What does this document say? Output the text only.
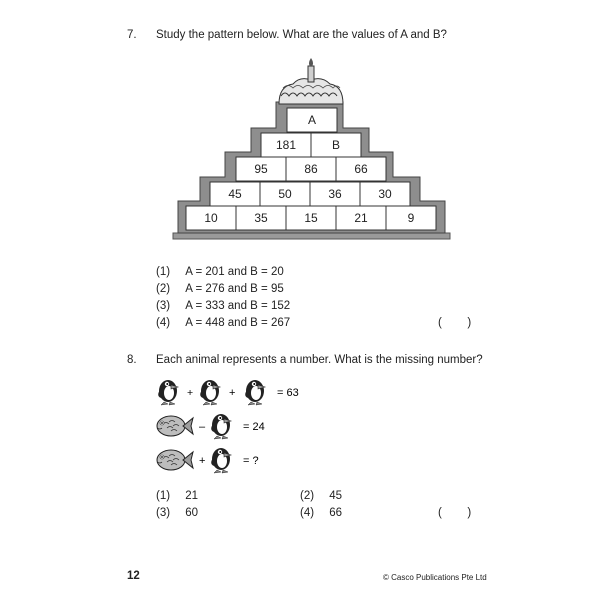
7. Study the pattern below. What are the values of A and B?
A
181	B
95	86	66
45	50	36	30
10	35	15	21	9
(1) A = 201 and B = 20
(2) A = 276 and B = 95
(3) A = 333 and B = 152
(4) A = 448 and B = 267	(        )
8. Each animal represents a number. What is the missing number?
+	+	= 63
–	= 24
+	= ?
(1) 21	(2) 45
(3) 60	(4) 66	(        )
12	© Casco Publications Pte Ltd
